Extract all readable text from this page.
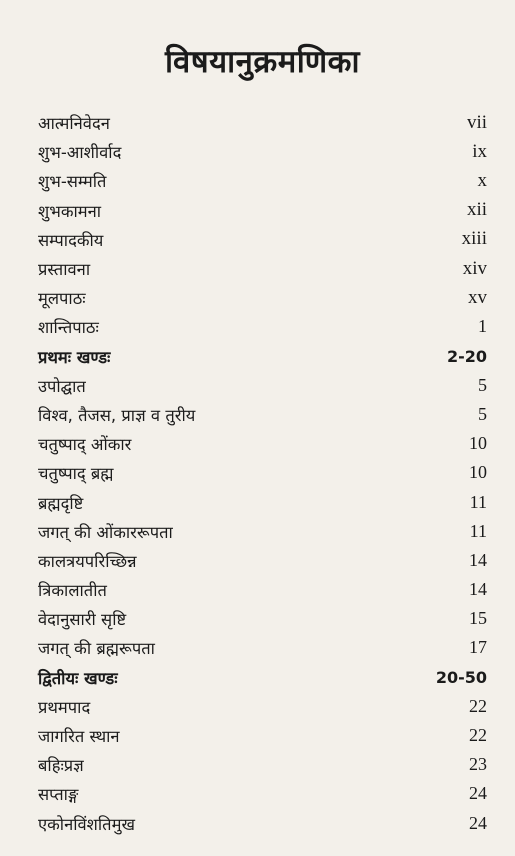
विषयानुक्रमणिका
आत्मनिवेदन	vii
शुभ-आशीर्वाद	ix
शुभ-सम्मति	x
शुभकामना	xii
सम्पादकीय	xiii
प्रस्तावना	xiv
मूलपाठः	xv
शान्तिपाठः	1
प्रथमः खण्डः	2-20
उपोद्घात	5
विश्व, तैजस, प्राज्ञ व तुरीय	5
चतुष्पाद् ओंकार	10
चतुष्पाद् ब्रह्म	10
ब्रह्मदृष्टि	11
जगत् की ओंकाररूपता	11
कालत्रयपरिच्छिन्न	14
त्रिकालातीत	14
वेदानुसारी सृष्टि	15
जगत् की ब्रह्मरूपता	17
द्वितीयः खण्डः	20-50
प्रथमपाद	22
जागरित स्थान	22
बहिःप्रज्ञ	23
सप्ताङ्ग	24
एकोनविंशतिमुख	24
